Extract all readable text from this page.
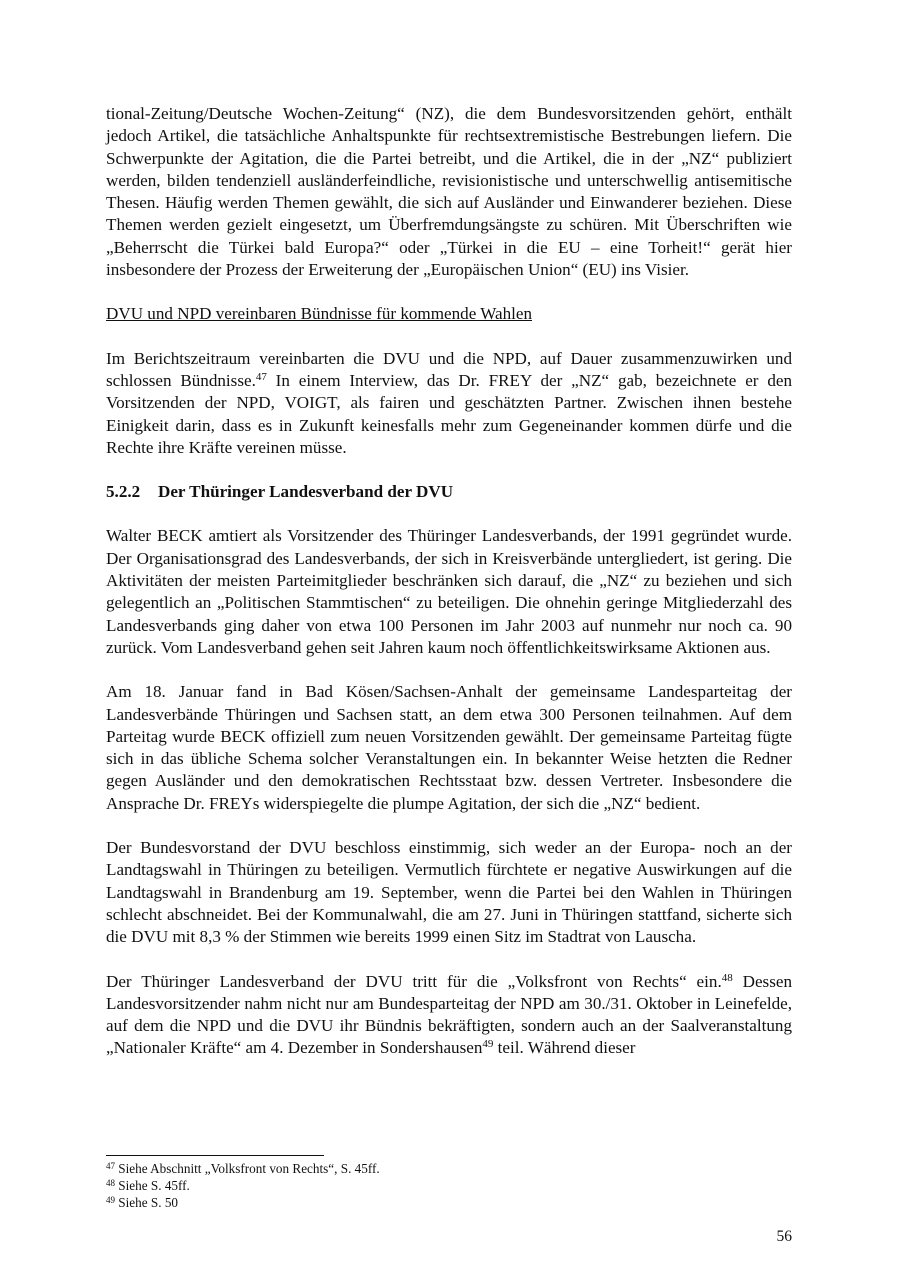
tional-Zeitung/Deutsche Wochen-Zeitung“ (NZ), die dem Bundesvorsitzenden gehört, enthält jedoch Artikel, die tatsächliche Anhaltspunkte für rechtsextremistische Bestrebungen liefern. Die Schwerpunkte der Agitation, die die Partei betreibt, und die Artikel, die in der „NZ“ publiziert werden, bilden tendenziell ausländerfeindliche, revisionistische und unterschwellig antisemitische Thesen. Häufig werden Themen gewählt, die sich auf Ausländer und Einwanderer beziehen. Diese Themen werden gezielt eingesetzt, um Überfremdungsängste zu schüren. Mit Überschriften wie „Beherrscht die Türkei bald Europa?“ oder „Türkei in die EU – eine Torheit!“ gerät hier insbesondere der Prozess der Erweiterung der „Europäischen Union“ (EU) ins Visier.

DVU und NPD vereinbaren Bündnisse für kommende Wahlen

Im Berichtszeitraum vereinbarten die DVU und die NPD, auf Dauer zusammenzuwirken und schlossen Bündnisse.$^{47}$ In einem Interview, das Dr. FREY der „NZ“ gab, bezeichnete er den Vorsitzenden der NPD, VOIGT, als fairen und geschätzten Partner. Zwischen ihnen bestehe Einigkeit darin, dass es in Zukunft keinesfalls mehr zum Gegeneinander kommen dürfe und die Rechte ihre Kräfte vereinen müsse.

5.2.2 Der Thüringer Landesverband der DVU

Walter BECK amtiert als Vorsitzender des Thüringer Landesverbands, der 1991 gegründet wurde. Der Organisationsgrad des Landesverbands, der sich in Kreisverbände untergliedert, ist gering. Die Aktivitäten der meisten Parteimitglieder beschränken sich darauf, die „NZ“ zu beziehen und sich gelegentlich an „Politischen Stammtischen“ zu beteiligen. Die ohnehin geringe Mitgliederzahl des Landesverbands ging daher von etwa 100 Personen im Jahr 2003 auf nunmehr nur noch ca. 90 zurück. Vom Landesverband gehen seit Jahren kaum noch öffentlichkeitswirksame Aktionen aus.

Am 18. Januar fand in Bad Kösen/Sachsen-Anhalt der gemeinsame Landesparteitag der Landesverbände Thüringen und Sachsen statt, an dem etwa 300 Personen teilnahmen. Auf dem Parteitag wurde BECK offiziell zum neuen Vorsitzenden gewählt. Der gemeinsame Parteitag fügte sich in das übliche Schema solcher Veranstaltungen ein. In bekannter Weise hetzten die Redner gegen Ausländer und den demokratischen Rechtsstaat bzw. dessen Vertreter. Insbesondere die Ansprache Dr. FREYs widerspiegelte die plumpe Agitation, der sich die „NZ“ bedient.

Der Bundesvorstand der DVU beschloss einstimmig, sich weder an der Europa- noch an der Landtagswahl in Thüringen zu beteiligen. Vermutlich fürchtete er negative Auswirkungen auf die Landtagswahl in Brandenburg am 19. September, wenn die Partei bei den Wahlen in Thüringen schlecht abschneidet. Bei der Kommunalwahl, die am 27. Juni in Thüringen stattfand, sicherte sich die DVU mit 8,3 % der Stimmen wie bereits 1999 einen Sitz im Stadtrat von Lauscha.

Der Thüringer Landesverband der DVU tritt für die „Volksfront von Rechts“ ein.$^{48}$ Dessen Landesvorsitzender nahm nicht nur am Bundesparteitag der NPD am 30./31. Oktober in Leinefelde, auf dem die NPD und die DVU ihr Bündnis bekräftigten, sondern auch an der Saalveranstaltung „Nationaler Kräfte“ am 4. Dezember in Sondershausen$^{49}$ teil. Während dieser

$^{47}$ Siehe Abschnitt „Volksfront von Rechts“, S. 45ff.
$^{48}$ Siehe S. 45ff.
$^{49}$ Siehe S. 50
56
